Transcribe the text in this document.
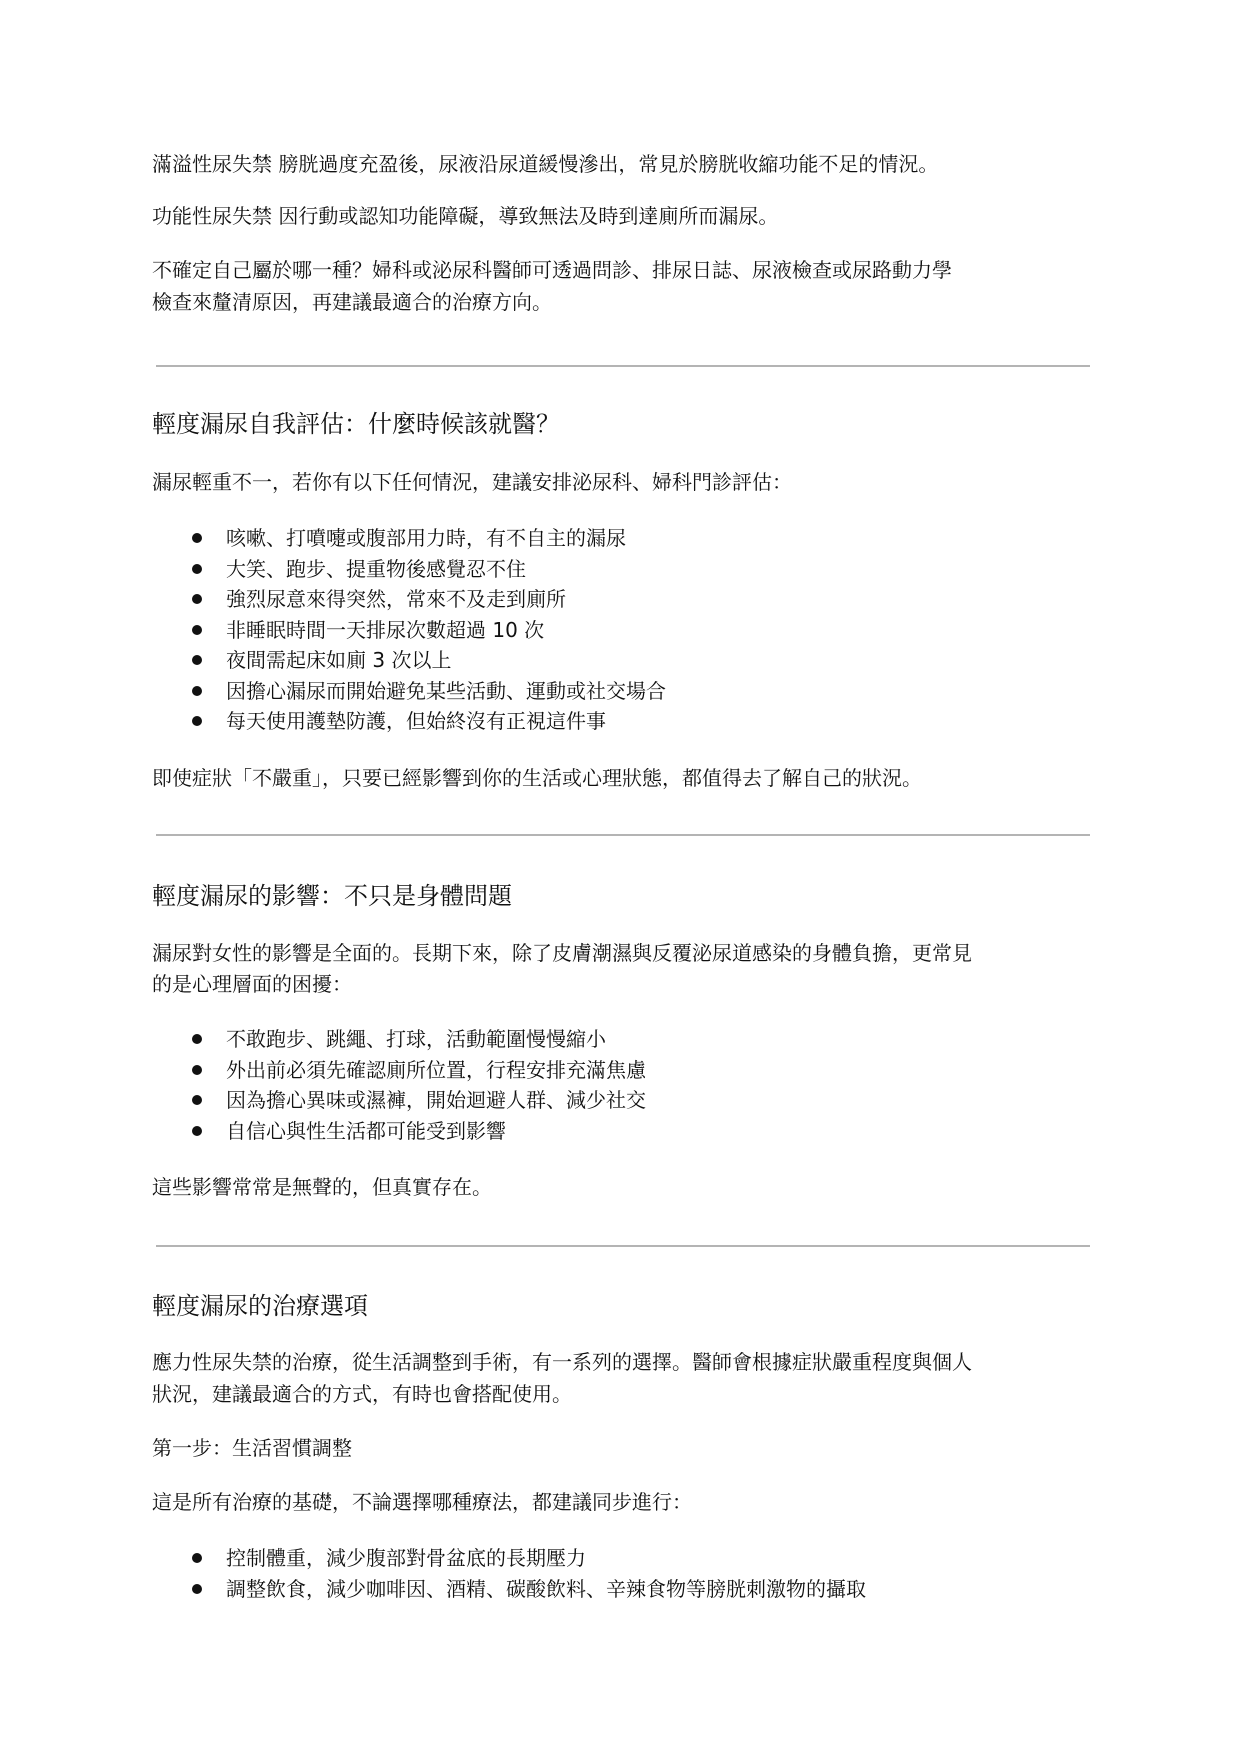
滿溢性尿失禁 膀胱過度充盈後，尿液沿尿道緩慢滲出，常見於膀胱收縮功能不足的情況。

功能性尿失禁 因行動或認知功能障礙，導致無法及時到達廁所而漏尿。

不確定自己屬於哪一種？婦科或泌尿科醫師可透過問診、排尿日誌、尿液檢查或尿路動力學

檢查來釐清原因，再建議最適合的治療方向。

輕度漏尿自我評估：什麼時候該就醫？

漏尿輕重不一，若你有以下任何情況，建議安排泌尿科、婦科門診評估：

咳嗽、打噴嚏或腹部用力時，有不自主的漏尿
大笑、跑步、提重物後感覺忍不住
強烈尿意來得突然，常來不及走到廁所
非睡眠時間一天排尿次數超過 10 次
夜間需起床如廁 3 次以上
因擔心漏尿而開始避免某些活動、運動或社交場合
每天使用護墊防護，但始終沒有正視這件事

即使症狀「不嚴重」，只要已經影響到你的生活或心理狀態，都值得去了解自己的狀況。

輕度漏尿的影響：不只是身體問題

漏尿對女性的影響是全面的。長期下來，除了皮膚潮濕與反覆泌尿道感染的身體負擔，更常見

的是心理層面的困擾：

不敢跑步、跳繩、打球，活動範圍慢慢縮小
外出前必須先確認廁所位置，行程安排充滿焦慮
因為擔心異味或濕褲，開始迴避人群、減少社交
自信心與性生活都可能受到影響

這些影響常常是無聲的，但真實存在。

輕度漏尿的治療選項

應力性尿失禁的治療，從生活調整到手術，有一系列的選擇。醫師會根據症狀嚴重程度與個人

狀況，建議最適合的方式，有時也會搭配使用。

第一步：生活習慣調整

這是所有治療的基礎，不論選擇哪種療法，都建議同步進行：

控制體重，減少腹部對骨盆底的長期壓力
調整飲食，減少咖啡因、酒精、碳酸飲料、辛辣食物等膀胱刺激物的攝取
